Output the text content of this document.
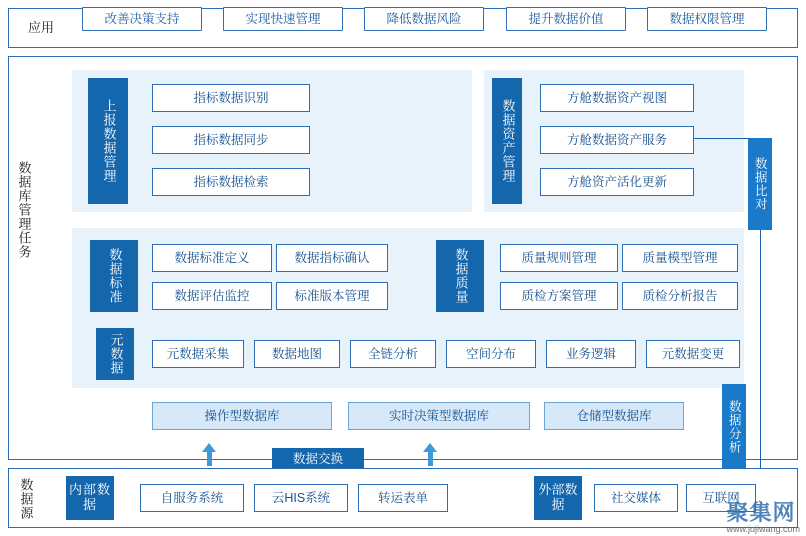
应用
改善决策支持	实现快速管理	降低数据风险	提升数据价值	数据权限管理
数据库管理任务
上报数据管理
指标数据识别
指标数据同步
指标数据检索	数据资产管理
方舱数据资产视图
方舱数据资产服务
方舱资产活化更新
数据标准	数据标准定义	数据指标确认
数据评估监控	标准版本管理	数据质量	质量规则管理	质量模型管理
质检方案管理	质检分析报告
元数据	元数据采集	数据地图	全链分析	空间分布	业务逻辑	元数据变更
操作型数据库	实时决策型数据库	仓储型数据库
数据比对
数据分析
数据交换
数据源	内部数据	自服务系统	云HIS系统	转运表单
外部数据	社交媒体	互联网
聚集网
www.jujiwang.com
